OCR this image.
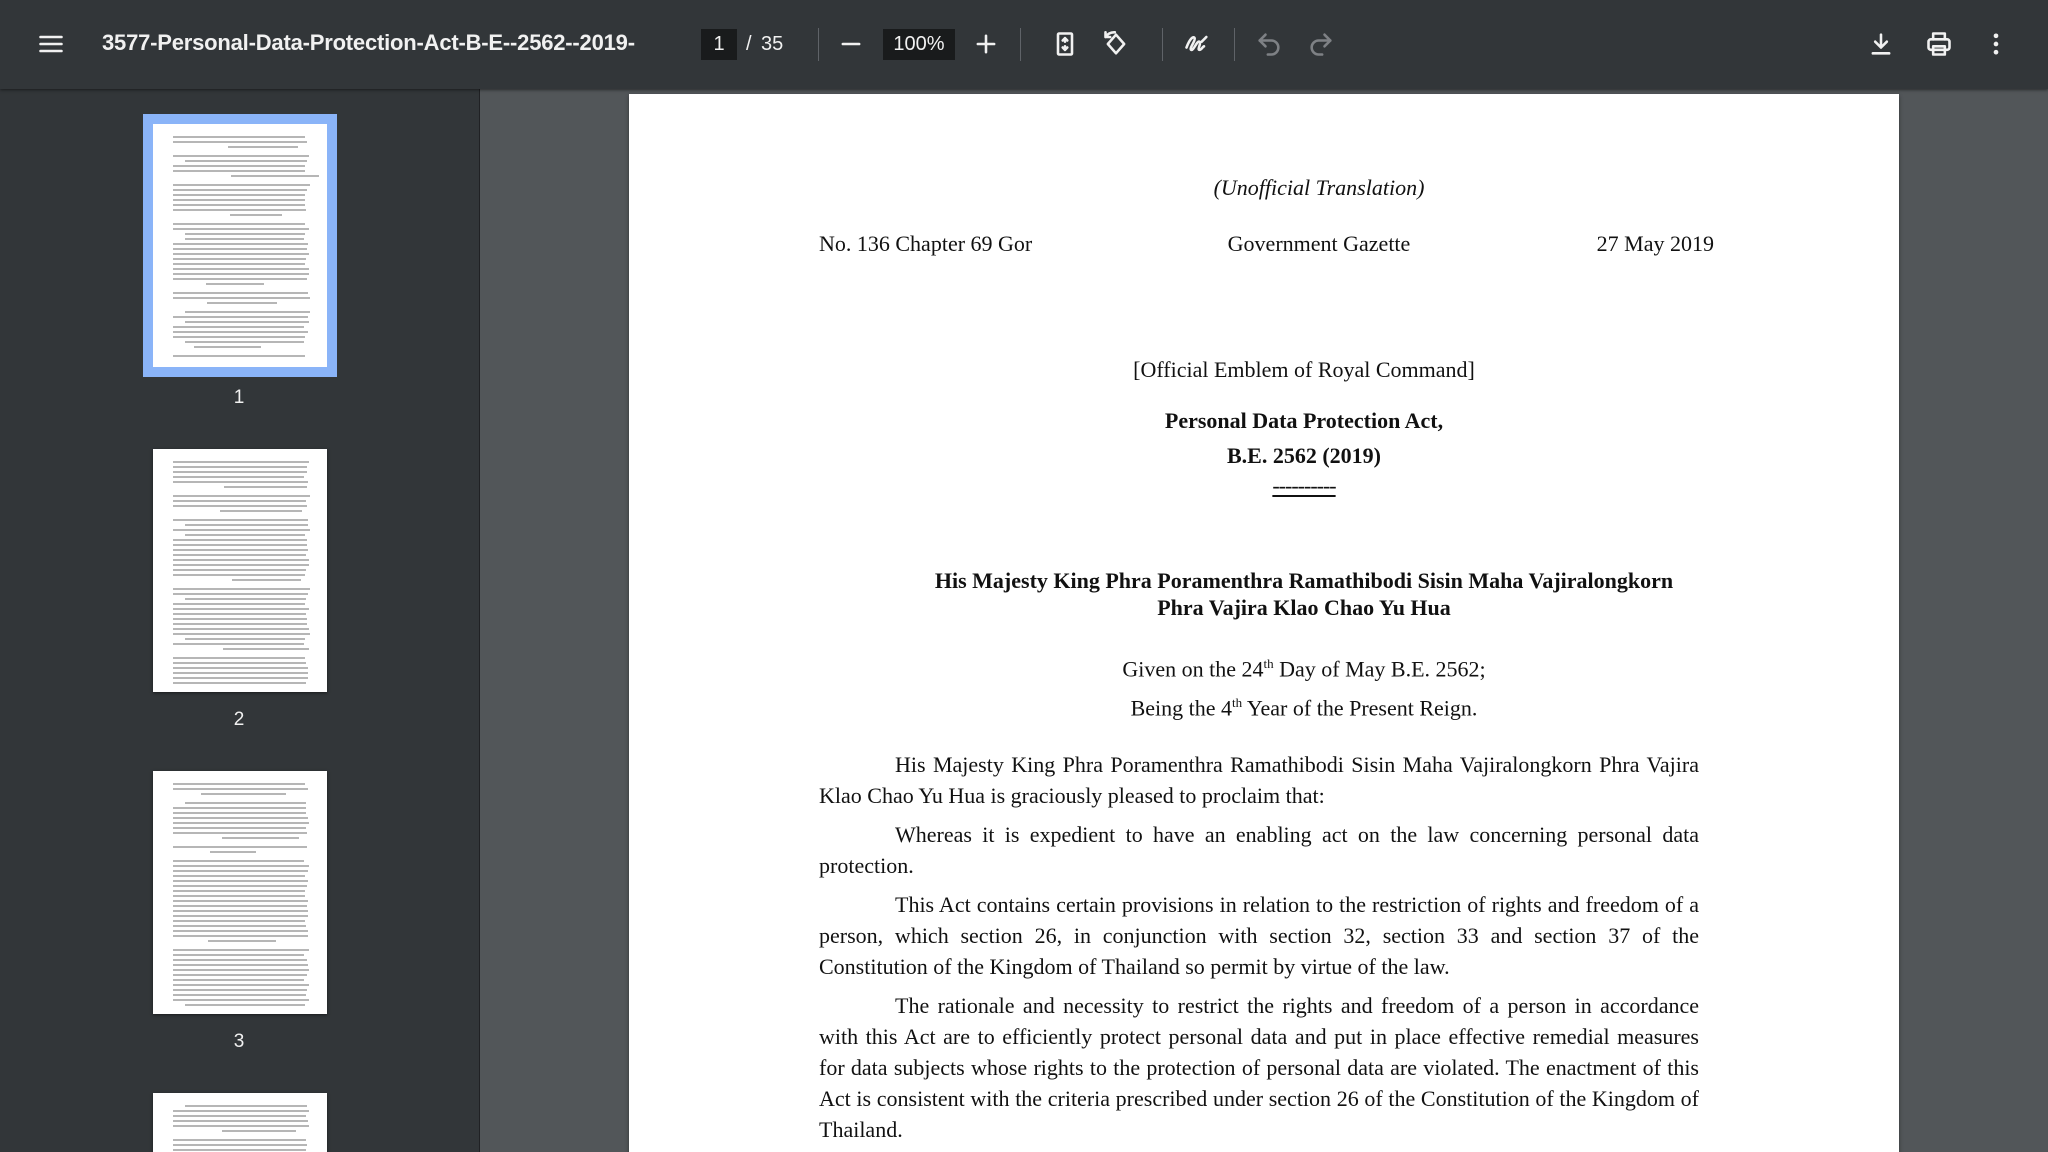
3577-Personal-Data-Protection-Act-B-E--2562--2019-
1	/ 35
100%
1
2
3
(Unofficial Translation)
No. 136 Chapter 69 Gor	Government Gazette	27 May 2019
[Official Emblem of Royal Command]
Personal Data Protection Act,
B.E. 2562 (2019)
----------
His Majesty King Phra Poramenthra Ramathibodi Sisin Maha Vajiralongkorn
Phra Vajira Klao Chao Yu Hua
Given on the 24th Day of May B.E. 2562;
Being the 4th Year of the Present Reign.
His Majesty King Phra Poramenthra Ramathibodi Sisin Maha Vajiralongkorn Phra Vajira Klao Chao Yu Hua is graciously pleased to proclaim that:
Whereas it is expedient to have an enabling act on the law concerning personal data protection.
This Act contains certain provisions in relation to the restriction of rights and freedom of a person, which section 26, in conjunction with section 32, section 33 and section 37 of the Constitution of the Kingdom of Thailand so permit by virtue of the law.
The rationale and necessity to restrict the rights and freedom of a person in accordance with this Act are to efficiently protect personal data and put in place effective remedial measures for data subjects whose rights to the protection of personal data are violated. The enactment of this Act is consistent with the criteria prescribed under section 26 of the Constitution of the Kingdom of Thailand.
